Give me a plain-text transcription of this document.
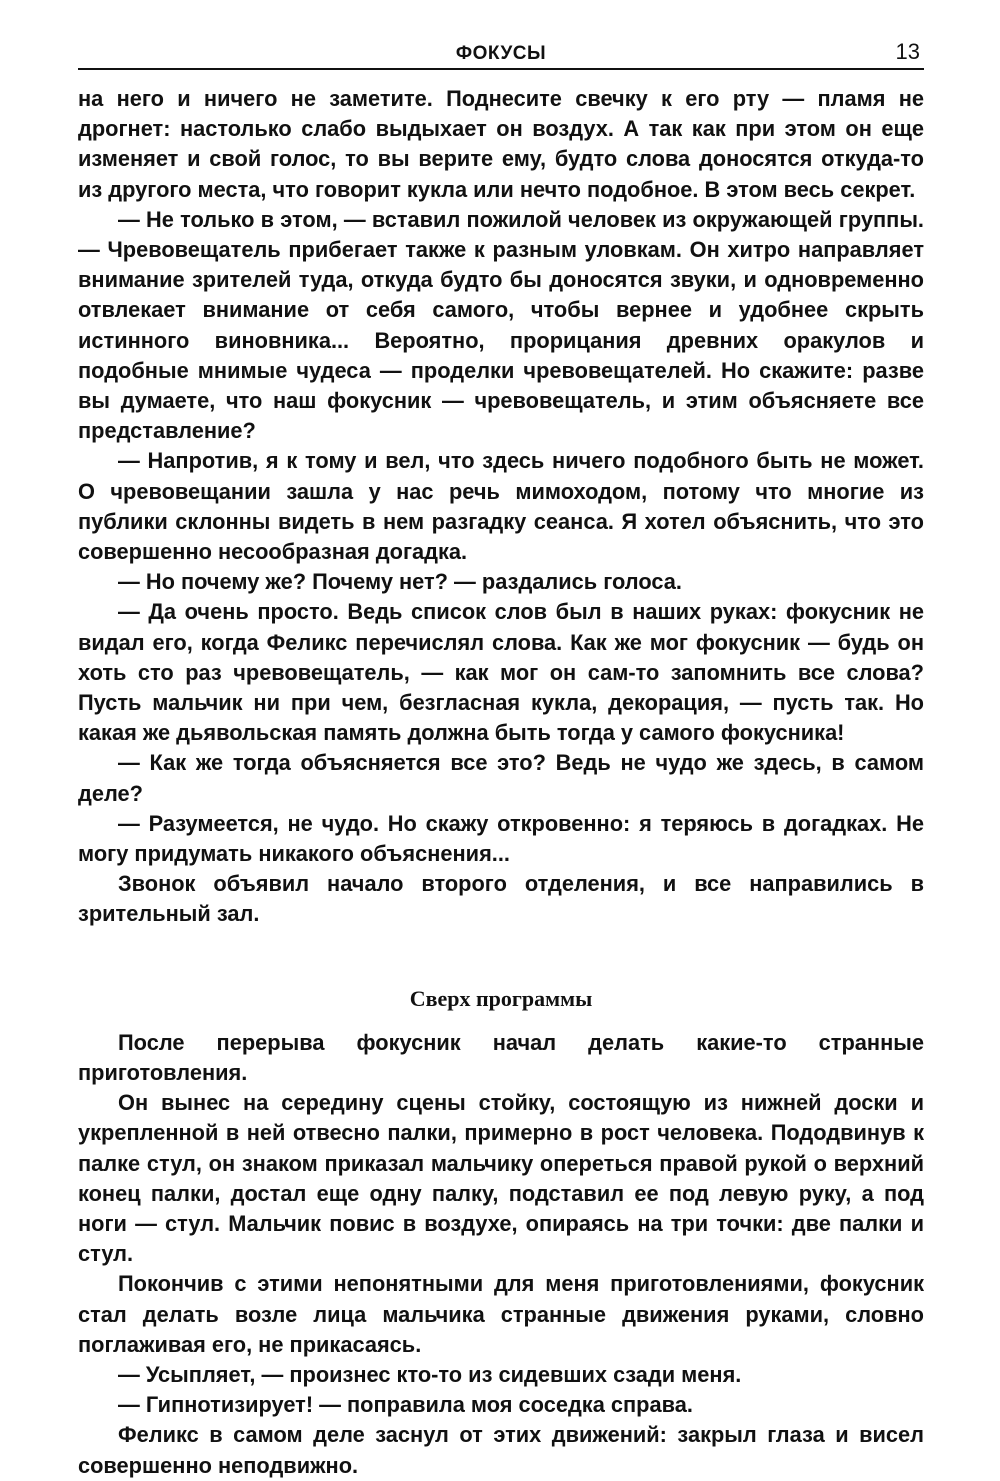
ФОКУСЫ	13

на него и ничего не заметите. Поднесите свечку к его рту — пламя не дрогнет: настолько слабо выдыхает он воздух. А так как при этом он еще изменяет и свой голос, то вы верите ему, будто слова доносятся откуда-то из другого места, что говорит кукла или нечто подобное. В этом весь секрет.

— Не только в этом, — вставил пожилой человек из окружающей группы. — Чревовещатель прибегает также к разным уловкам. Он хитро направляет внимание зрителей туда, откуда будто бы доносятся звуки, и одновременно отвлекает внимание от себя самого, чтобы вернее и удобнее скрыть истинного виновника... Вероятно, прорицания древних оракулов и подобные мнимые чудеса — проделки чревовещателей. Но скажите: разве вы думаете, что наш фокусник — чревовещатель, и этим объясняете все представление?

— Напротив, я к тому и вел, что здесь ничего подобного быть не может. О чревовещании зашла у нас речь мимоходом, потому что многие из публики склонны видеть в нем разгадку сеанса. Я хотел объяснить, что это совершенно несообразная догадка.

— Но почему же? Почему нет? — раздались голоса.

— Да очень просто. Ведь список слов был в наших руках: фокусник не видал его, когда Феликс перечислял слова. Как же мог фокусник — будь он хоть сто раз чревовещатель, — как мог он сам-то запомнить все слова? Пусть мальчик ни при чем, безгласная кукла, декорация, — пусть так. Но какая же дьявольская память должна быть тогда у самого фокусника!

— Как же тогда объясняется все это? Ведь не чудо же здесь, в самом деле?

— Разумеется, не чудо. Но скажу откровенно: я теряюсь в догадках. Не могу придумать никакого объяснения...

Звонок объявил начало второго отделения, и все направились в зрительный зал.

Сверх программы

После перерыва фокусник начал делать какие-то странные приготовления.

Он вынес на середину сцены стойку, состоящую из нижней доски и укрепленной в ней отвесно палки, примерно в рост человека. Пододвинув к палке стул, он знаком приказал мальчику опереться правой рукой о верхний конец палки, достал еще одну палку, подставил ее под левую руку, а под ноги — стул. Мальчик повис в воздухе, опираясь на три точки: две палки и стул.

Покончив с этими непонятными для меня приготовлениями, фокусник стал делать возле лица мальчика странные движения руками, словно поглаживая его, не прикасаясь.

— Усыпляет, — произнес кто-то из сидевших сзади меня.

— Гипнотизирует! — поправила моя соседка справа.

Феликс в самом деле заснул от этих движений: закрыл глаза и висел совершенно неподвижно.
